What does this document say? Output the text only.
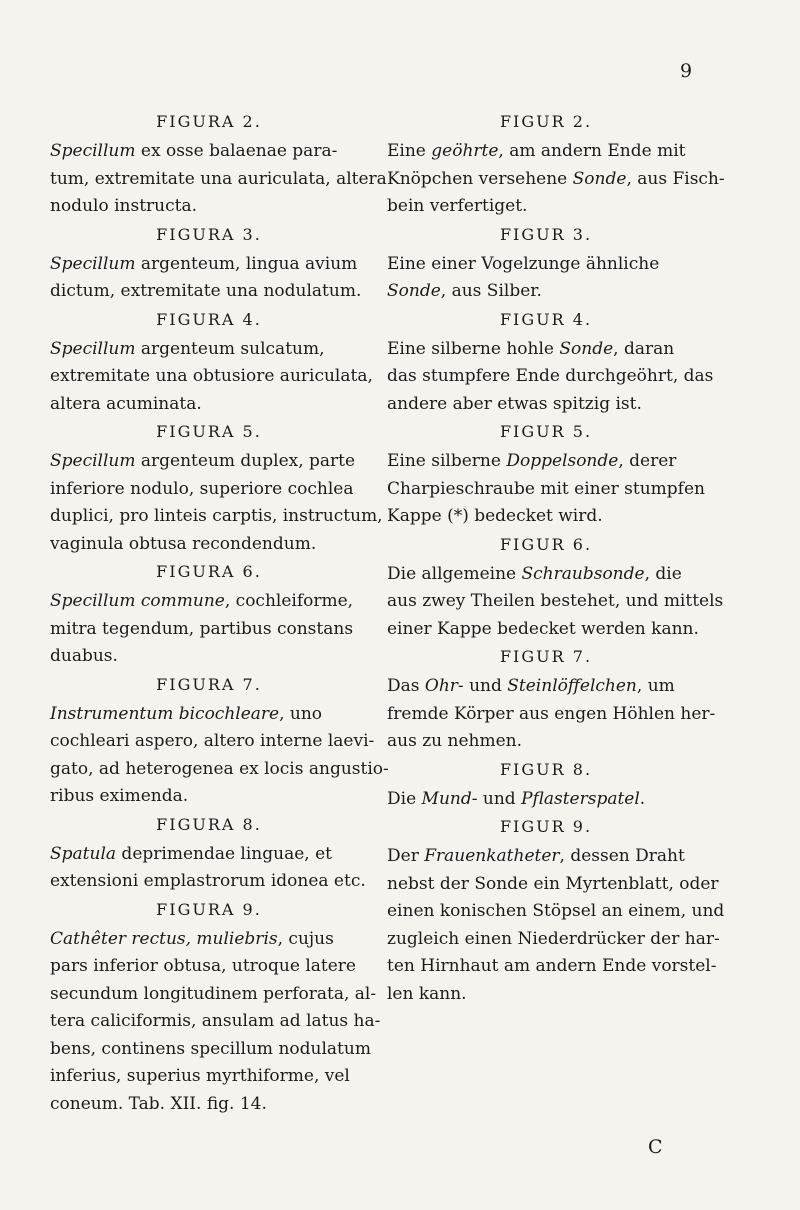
9
FIGURA 2.
Specillum ex osse balaenae para-
tum, extremitate una auriculata, altera
nodulo instructa.
FIGURA 3.
Specillum argenteum, lingua avium
dictum, extremitate una nodulatum.
FIGURA 4.
Specillum argenteum sulcatum,
extremitate una obtusiore auriculata,
altera acuminata.
FIGURA 5.
Specillum argenteum duplex, parte
inferiore nodulo, superiore cochlea
duplici, pro linteis carptis, instructum,
vaginula obtusa recondendum.
FIGURA 6.
Specillum commune, cochleiforme,
mitra tegendum, partibus constans
duabus.
FIGURA 7.
Instrumentum bicochleare, uno
cochleari aspero, altero interne laevi-
gato, ad heterogenea ex locis angustio-
ribus eximenda.
FIGURA 8.
Spatula deprimendae linguae, et
extensioni emplastrorum idonea etc.
FIGURA 9.
Cathêter rectus, muliebris, cujus
pars inferior obtusa, utroque latere
secundum longitudinem perforata, al-
tera caliciformis, ansulam ad latus ha-
bens, continens specillum nodulatum
inferius, superius myrthiforme, vel
coneum. Tab. XII. fig. 14.
FIGUR 2.
Eine geöhrte, am andern Ende mit
Knöpchen versehene Sonde, aus Fisch-
bein verfertiget.
FIGUR 3.
Eine einer Vogelzunge ähnliche
Sonde, aus Silber.
FIGUR 4.
Eine silberne hohle Sonde, daran
das stumpfere Ende durchgeöhrt, das
andere aber etwas spitzig ist.
FIGUR 5.
Eine silberne Doppelsonde, derer
Charpieschraube mit einer stumpfen
Kappe (*) bedecket wird.
FIGUR 6.
Die allgemeine Schraubsonde, die
aus zwey Theilen bestehet, und mittels
einer Kappe bedecket werden kann.
FIGUR 7.
Das Ohr- und Steinlöffelchen, um
fremde Körper aus engen Höhlen her-
aus zu nehmen.
FIGUR 8.
Die Mund- und Pflasterspatel.
FIGUR 9.
Der Frauenkatheter, dessen Draht
nebst der Sonde ein Myrtenblatt, oder
einen konischen Stöpsel an einem, und
zugleich einen Niederdrücker der har-
ten Hirnhaut am andern Ende vorstel-
len kann.
C
